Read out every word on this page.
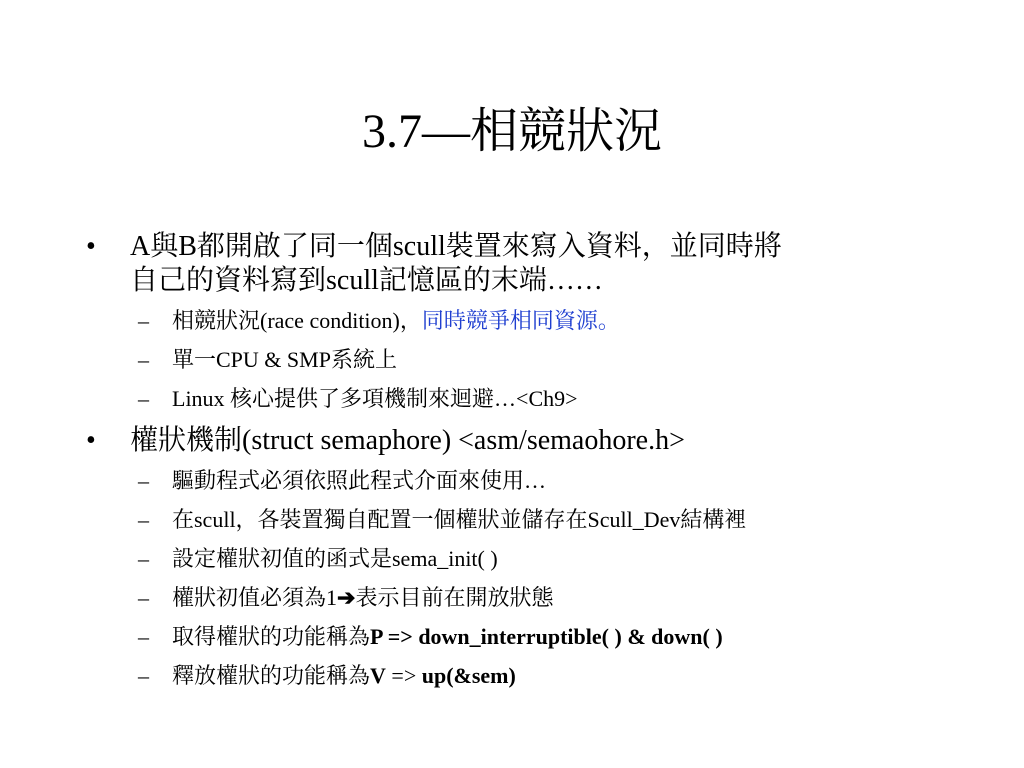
3.7—相競狀況
• A與B都開啟了同一個scull裝置來寫入資料，並同時將
自己的資料寫到scull記憶區的末端……
– 相競狀況(race condition)，同時競爭相同資源。
– 單一CPU & SMP系統上
– Linux 核心提供了多項機制來迴避…<Ch9>
• 權狀機制(struct semaphore) <asm/semaohore.h>
– 驅動程式必須依照此程式介面來使用…
– 在scull，各裝置獨自配置一個權狀並儲存在Scull_Dev結構裡
– 設定權狀初值的函式是sema_init( )
– 權狀初值必須為1➔表示目前在開放狀態
– 取得權狀的功能稱為P => down_interruptible( ) & down( )
– 釋放權狀的功能稱為V => up(&sem)
